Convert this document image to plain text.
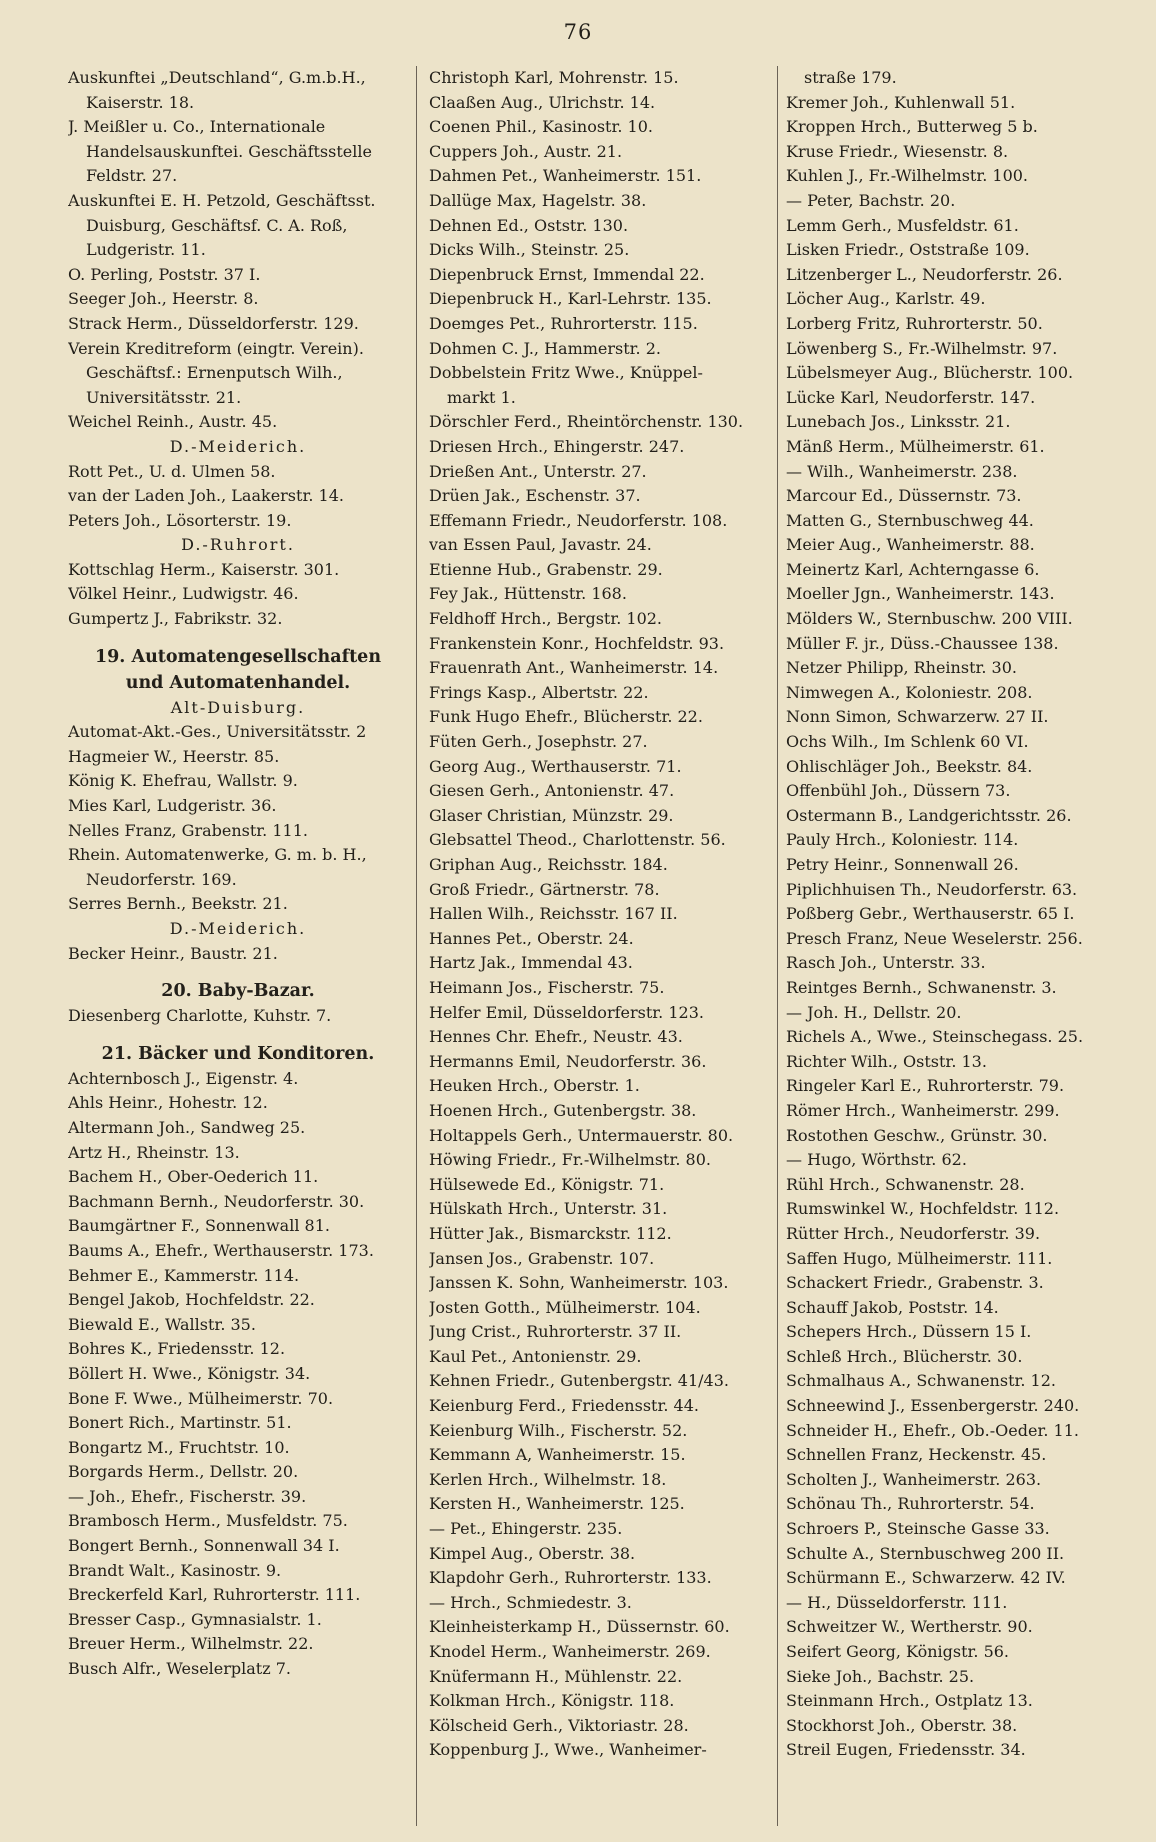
76
Auskunftei „Deutschland“, G.m.b.H.,
Kaiserstr. 18.
J. Meißler u. Co., Internationale
Handelsauskunftei. Geschäftsstelle
Feldstr. 27.
Auskunftei E. H. Petzold, Geschäftsst.
Duisburg, Geschäftsf. C. A. Roß,
Ludgeristr. 11.
O. Perling, Poststr. 37 I.
Seeger Joh., Heerstr. 8.
Strack Herm., Düsseldorferstr. 129.
Verein Kreditreform (eingtr. Verein).
Geschäftsf.: Ernenputsch Wilh.,
Universitätsstr. 21.
Weichel Reinh., Austr. 45.
D.-Meiderich.
Rott Pet., U. d. Ulmen 58.
van der Laden Joh., Laakerstr. 14.
Peters Joh., Lösorterstr. 19.
D.-Ruhrort.
Kottschlag Herm., Kaiserstr. 301.
Völkel Heinr., Ludwigstr. 46.
Gumpertz J., Fabrikstr. 32.
19. Automatengesellschaften
und Automatenhandel.
Alt-Duisburg.
Automat-Akt.-Ges., Universitätsstr. 2
Hagmeier W., Heerstr. 85.
König K. Ehefrau, Wallstr. 9.
Mies Karl, Ludgeristr. 36.
Nelles Franz, Grabenstr. 111.
Rhein. Automatenwerke, G. m. b. H.,
Neudorferstr. 169.
Serres Bernh., Beekstr. 21.
D.-Meiderich.
Becker Heinr., Baustr. 21.
20. Baby-Bazar.
Diesenberg Charlotte, Kuhstr. 7.
21. Bäcker und Konditoren.
Achternbosch J., Eigenstr. 4.
Ahls Heinr., Hohestr. 12.
Altermann Joh., Sandweg 25.
Artz H., Rheinstr. 13.
Bachem H., Ober-Oederich 11.
Bachmann Bernh., Neudorferstr. 30.
Baumgärtner F., Sonnenwall 81.
Baums A., Ehefr., Werthauserstr. 173.
Behmer E., Kammerstr. 114.
Bengel Jakob, Hochfeldstr. 22.
Biewald E., Wallstr. 35.
Bohres K., Friedensstr. 12.
Böllert H. Wwe., Königstr. 34.
Bone F. Wwe., Mülheimerstr. 70.
Bonert Rich., Martinstr. 51.
Bongartz M., Fruchtstr. 10.
Borgards Herm., Dellstr. 20.
— Joh., Ehefr., Fischerstr. 39.
Brambosch Herm., Musfeldstr. 75.
Bongert Bernh., Sonnenwall 34 I.
Brandt Walt., Kasinostr. 9.
Breckerfeld Karl, Ruhrorterstr. 111.
Bresser Casp., Gymnasialstr. 1.
Breuer Herm., Wilhelmstr. 22.
Busch Alfr., Weselerplatz 7.
Christoph Karl, Mohrenstr. 15.
Claaßen Aug., Ulrichstr. 14.
Coenen Phil., Kasinostr. 10.
Cuppers Joh., Austr. 21.
Dahmen Pet., Wanheimerstr. 151.
Dallüge Max, Hagelstr. 38.
Dehnen Ed., Oststr. 130.
Dicks Wilh., Steinstr. 25.
Diepenbruck Ernst, Immendal 22.
Diepenbruck H., Karl-Lehrstr. 135.
Doemges Pet., Ruhrorterstr. 115.
Dohmen C. J., Hammerstr. 2.
Dobbelstein Fritz Wwe., Knüppel-
markt 1.
Dörschler Ferd., Rheintörchenstr. 130.
Driesen Hrch., Ehingerstr. 247.
Drießen Ant., Unterstr. 27.
Drüen Jak., Eschenstr. 37.
Effemann Friedr., Neudorferstr. 108.
van Essen Paul, Javastr. 24.
Etienne Hub., Grabenstr. 29.
Fey Jak., Hüttenstr. 168.
Feldhoff Hrch., Bergstr. 102.
Frankenstein Konr., Hochfeldstr. 93.
Frauenrath Ant., Wanheimerstr. 14.
Frings Kasp., Albertstr. 22.
Funk Hugo Ehefr., Blücherstr. 22.
Füten Gerh., Josephstr. 27.
Georg Aug., Werthauserstr. 71.
Giesen Gerh., Antonienstr. 47.
Glaser Christian, Münzstr. 29.
Glebsattel Theod., Charlottenstr. 56.
Griphan Aug., Reichsstr. 184.
Groß Friedr., Gärtnerstr. 78.
Hallen Wilh., Reichsstr. 167 II.
Hannes Pet., Oberstr. 24.
Hartz Jak., Immendal 43.
Heimann Jos., Fischerstr. 75.
Helfer Emil, Düsseldorferstr. 123.
Hennes Chr. Ehefr., Neustr. 43.
Hermanns Emil, Neudorferstr. 36.
Heuken Hrch., Oberstr. 1.
Hoenen Hrch., Gutenbergstr. 38.
Holtappels Gerh., Untermauerstr. 80.
Höwing Friedr., Fr.-Wilhelmstr. 80.
Hülsewede Ed., Königstr. 71.
Hülskath Hrch., Unterstr. 31.
Hütter Jak., Bismarckstr. 112.
Jansen Jos., Grabenstr. 107.
Janssen K. Sohn, Wanheimerstr. 103.
Josten Gotth., Mülheimerstr. 104.
Jung Crist., Ruhrorterstr. 37 II.
Kaul Pet., Antonienstr. 29.
Kehnen Friedr., Gutenbergstr. 41/43.
Keienburg Ferd., Friedensstr. 44.
Keienburg Wilh., Fischerstr. 52.
Kemmann A, Wanheimerstr. 15.
Kerlen Hrch., Wilhelmstr. 18.
Kersten H., Wanheimerstr. 125.
— Pet., Ehingerstr. 235.
Kimpel Aug., Oberstr. 38.
Klapdohr Gerh., Ruhrorterstr. 133.
— Hrch., Schmiedestr. 3.
Kleinheisterkamp H., Düssernstr. 60.
Knodel Herm., Wanheimerstr. 269.
Knüfermann H., Mühlenstr. 22.
Kolkman Hrch., Königstr. 118.
Kölscheid Gerh., Viktoriastr. 28.
Koppenburg J., Wwe., Wanheimer-
straße 179.
Kremer Joh., Kuhlenwall 51.
Kroppen Hrch., Butterweg 5 b.
Kruse Friedr., Wiesenstr. 8.
Kuhlen J., Fr.-Wilhelmstr. 100.
— Peter, Bachstr. 20.
Lemm Gerh., Musfeldstr. 61.
Lisken Friedr., Oststraße 109.
Litzenberger L., Neudorferstr. 26.
Löcher Aug., Karlstr. 49.
Lorberg Fritz, Ruhrorterstr. 50.
Löwenberg S., Fr.-Wilhelmstr. 97.
Lübelsmeyer Aug., Blücherstr. 100.
Lücke Karl, Neudorferstr. 147.
Lunebach Jos., Linksstr. 21.
Mänß Herm., Mülheimerstr. 61.
— Wilh., Wanheimerstr. 238.
Marcour Ed., Düssernstr. 73.
Matten G., Sternbuschweg 44.
Meier Aug., Wanheimerstr. 88.
Meinertz Karl, Achterngasse 6.
Moeller Jgn., Wanheimerstr. 143.
Mölders W., Sternbuschw. 200 VIII.
Müller F. jr., Düss.-Chaussee 138.
Netzer Philipp, Rheinstr. 30.
Nimwegen A., Koloniestr. 208.
Nonn Simon, Schwarzerw. 27 II.
Ochs Wilh., Im Schlenk 60 VI.
Ohlischläger Joh., Beekstr. 84.
Offenbühl Joh., Düssern 73.
Ostermann B., Landgerichtsstr. 26.
Pauly Hrch., Koloniestr. 114.
Petry Heinr., Sonnenwall 26.
Piplichhuisen Th., Neudorferstr. 63.
Poßberg Gebr., Werthauserstr. 65 I.
Presch Franz, Neue Weselerstr. 256.
Rasch Joh., Unterstr. 33.
Reintges Bernh., Schwanenstr. 3.
— Joh. H., Dellstr. 20.
Richels A., Wwe., Steinschegass. 25.
Richter Wilh., Oststr. 13.
Ringeler Karl E., Ruhrorterstr. 79.
Römer Hrch., Wanheimerstr. 299.
Rostothen Geschw., Grünstr. 30.
— Hugo, Wörthstr. 62.
Rühl Hrch., Schwanenstr. 28.
Rumswinkel W., Hochfeldstr. 112.
Rütter Hrch., Neudorferstr. 39.
Saffen Hugo, Mülheimerstr. 111.
Schackert Friedr., Grabenstr. 3.
Schauff Jakob, Poststr. 14.
Schepers Hrch., Düssern 15 I.
Schleß Hrch., Blücherstr. 30.
Schmalhaus A., Schwanenstr. 12.
Schneewind J., Essenbergerstr. 240.
Schneider H., Ehefr., Ob.-Oeder. 11.
Schnellen Franz, Heckenstr. 45.
Scholten J., Wanheimerstr. 263.
Schönau Th., Ruhrorterstr. 54.
Schroers P., Steinsche Gasse 33.
Schulte A., Sternbuschweg 200 II.
Schürmann E., Schwarzerw. 42 IV.
— H., Düsseldorferstr. 111.
Schweitzer W., Wertherstr. 90.
Seifert Georg, Königstr. 56.
Sieke Joh., Bachstr. 25.
Steinmann Hrch., Ostplatz 13.
Stockhorst Joh., Oberstr. 38.
Streil Eugen, Friedensstr. 34.
